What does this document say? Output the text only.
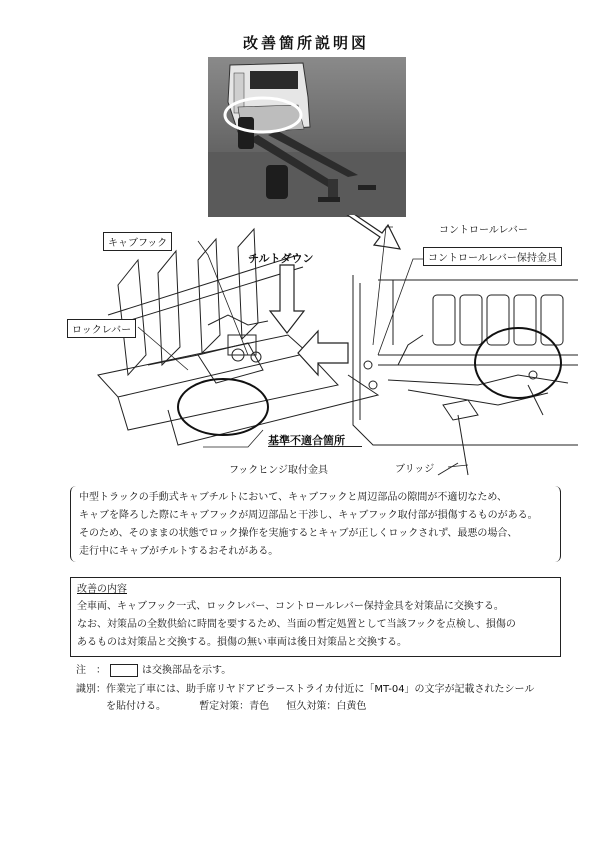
改善箇所説明図
キャブフック
チルトダウン
ロックレバー
基準不適合箇所
フックヒンジ取付金具
コントロールレバー
コントロールレバー保持金具
ブリッジ

中型トラックの手動式キャブチルトにおいて、キャブフックと周辺部品の隙間が不適切なため、

キャブを降ろした際にキャブフックが周辺部品と干渉し、キャブフック取付部が損傷するものがある。

そのため、そのままの状態でロック操作を実施するとキャブが正しくロックされず、最悪の場合、

走行中にキャブがチルトするおそれがある。

改善の内容

全車両、キャブフック一式、ロックレバー、コントロールレバー保持金具を対策品に交換する。

なお、対策品の全数供給に時間を要するため、当面の暫定処置として当該フックを点検し、損傷の

あるものは対策品と交換する。損傷の無い車両は後日対策品と交換する。

注　：	は交換部品を示す。
識別：作業完了車には、助手席リヤドアピラーストライカ付近に「MT-04」の文字が記載されたシール
を貼付ける。	暫定対策：青色 恒久対策：白黄色
